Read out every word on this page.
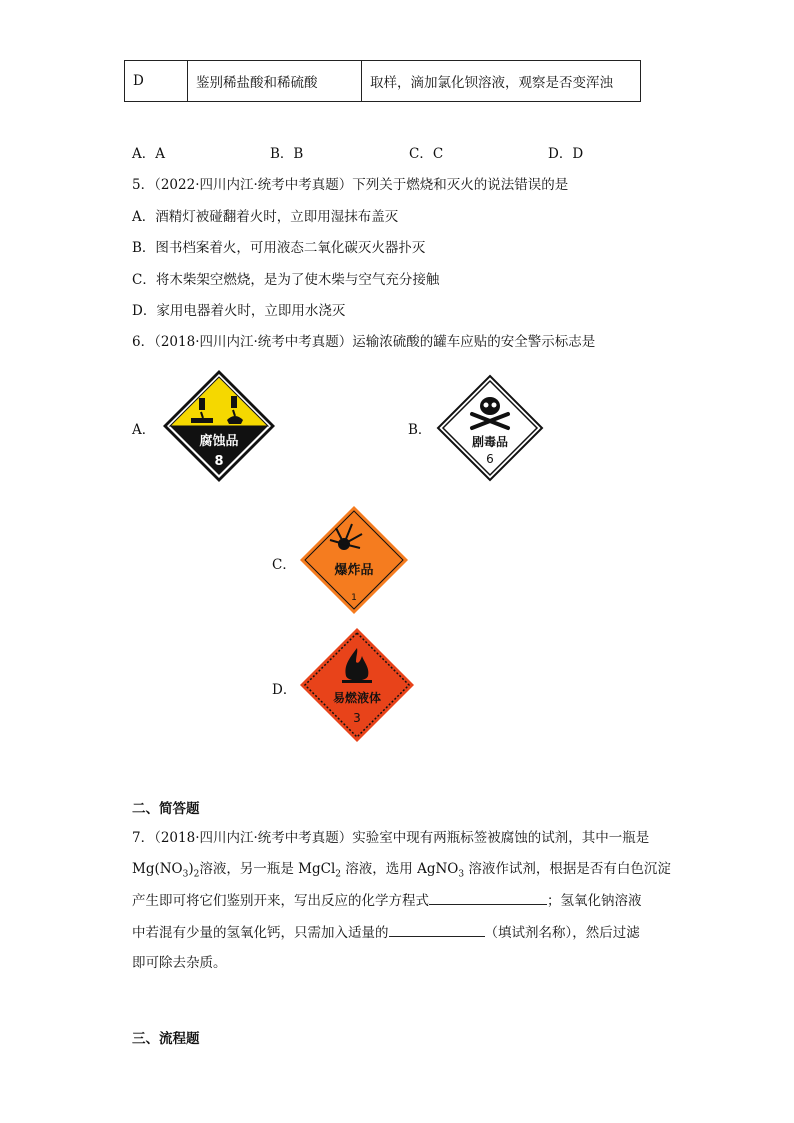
D	鉴别稀盐酸和稀硫酸	取样，滴加氯化钡溶液，观察是否变浑浊
A．A	B．B	C．C	D．D
5．（2022·四川内江·统考中考真题）下列关于燃烧和灭火的说法错误的是
A．酒精灯被碰翻着火时，立即用湿抹布盖灭
B．图书档案着火，可用液态二氧化碳灭火器扑灭
C．将木柴架空燃烧，是为了使木柴与空气充分接触
D．家用电器着火时，立即用水浇灭
6．（2018·四川内江·统考中考真题）运输浓硫酸的罐车应贴的安全警示标志是
A．
腐蚀品
8
B．
剧毒品
6
C．	爆炸品
1
D．	易燃液体
3
二、简答题
7．（2018·四川内江·统考中考真题）实验室中现有两瓶标签被腐蚀的试剂，其中一瓶是
$Mg(NO_3)_2$溶液，另一瓶是 MgCl$_2$ 溶液，选用 AgNO$_3$ 溶液作试剂，根据是否有白色沉淀
产生即可将它们鉴别开来，写出反应的化学方程式	；氢氧化钠溶液
中若混有少量的氢氧化钙，只需加入适量的	（填试剂名称），然后过滤
即可除去杂质。
三、流程题
